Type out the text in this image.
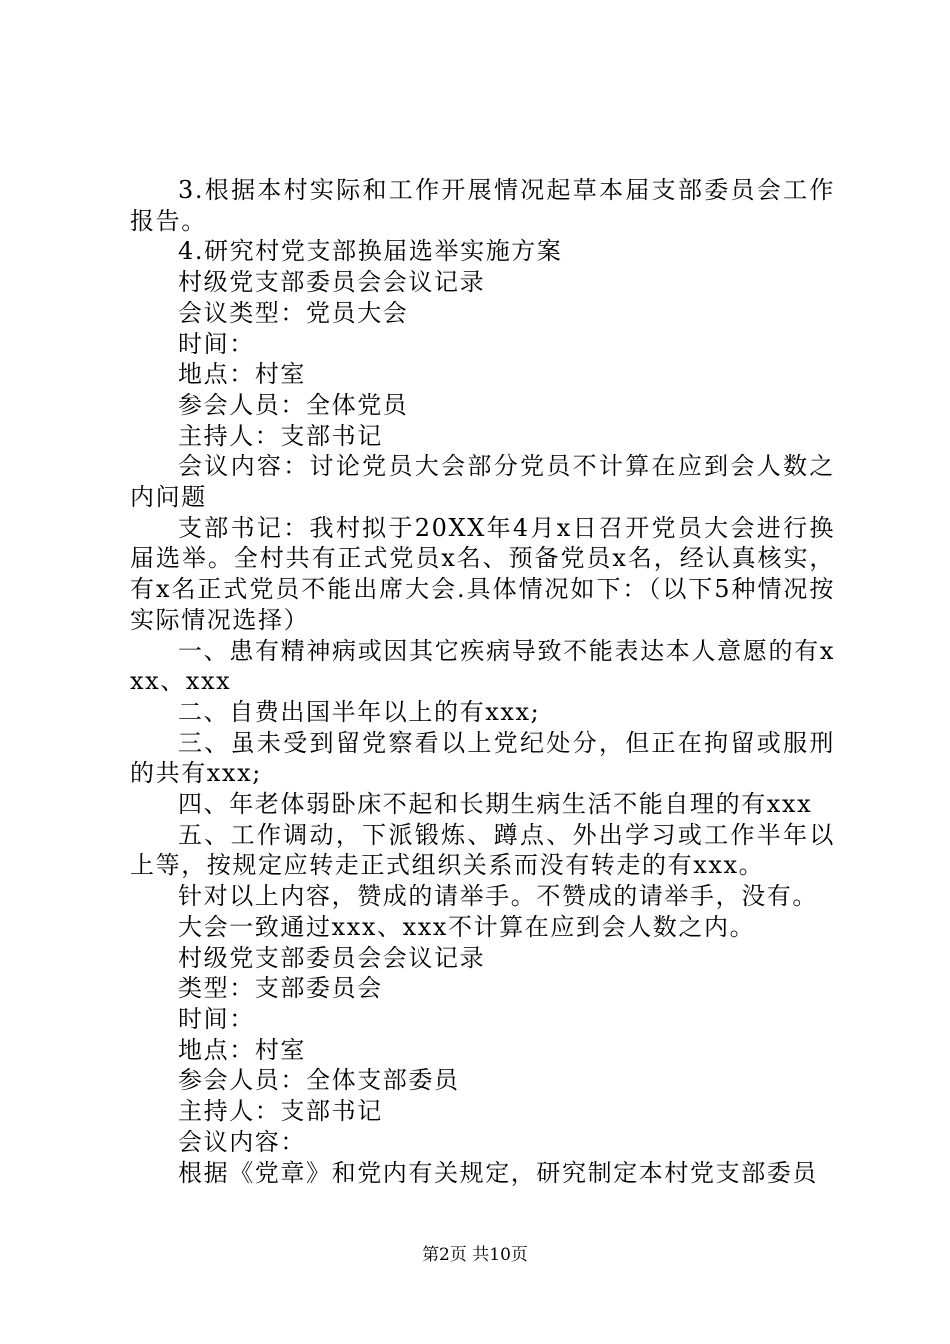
3.根据本村实际和工作开展情况起草本届支部委员会工作报告。

4.研究村党支部换届选举实施方案

村级党支部委员会会议记录

会议类型：党员大会

时间：

地点：村室

参会人员：全体党员

主持人：支部书记

会议内容：讨论党员大会部分党员不计算在应到会人数之内问题

支部书记：我村拟于20XX年4月x日召开党员大会进行换届选举。全村共有正式党员x名、预备党员x名，经认真核实，有x名正式党员不能出席大会.具体情况如下：（以下5种情况按实际情况选择）

一、患有精神病或因其它疾病导致不能表达本人意愿的有xxx、xxx

二、自费出国半年以上的有xxx;

三、虽未受到留党察看以上党纪处分，但正在拘留或服刑的共有xxx;

四、年老体弱卧床不起和长期生病生活不能自理的有xxx

五、工作调动，下派锻炼、蹲点、外出学习或工作半年以上等，按规定应转走正式组织关系而没有转走的有xxx。

针对以上内容，赞成的请举手。不赞成的请举手，没有。

大会一致通过xxx、xxx不计算在应到会人数之内。

村级党支部委员会会议记录

类型：支部委员会

时间：

地点：村室

参会人员：全体支部委员

主持人：支部书记

会议内容：

根据《党章》和党内有关规定，研究制定本村党支部委员

第2页 共10页
